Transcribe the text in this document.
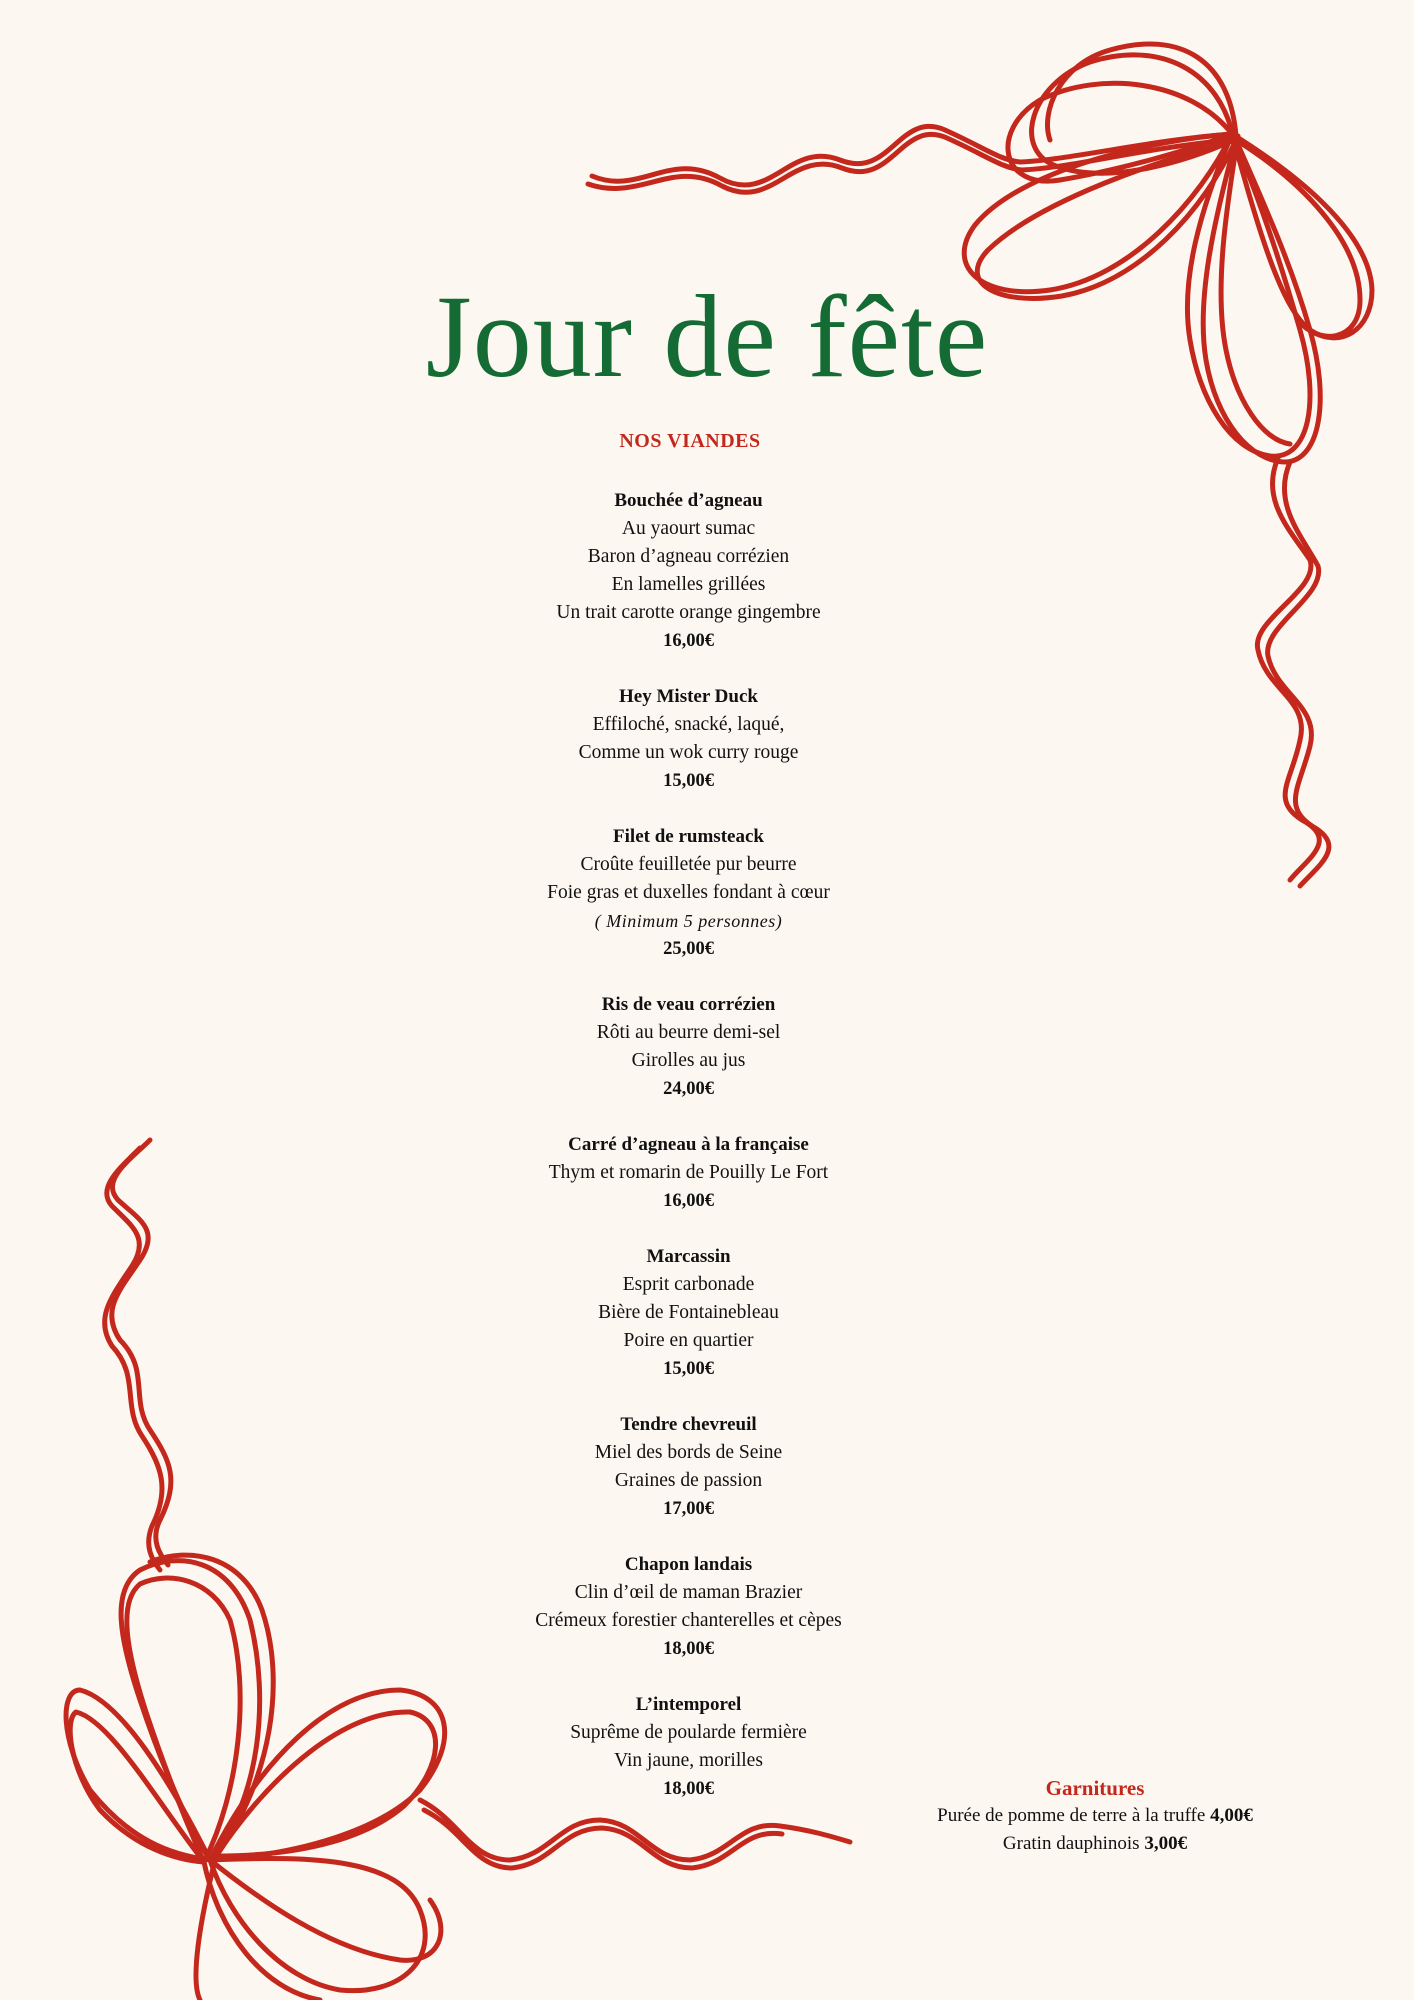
Jour de fête
NOS VIANDES
Bouchée d’agneau
Au yaourt sumac
Baron d’agneau corrézien
En lamelles grillées
Un trait carotte orange gingembre
16,00€
Hey Mister Duck
Effiloché, snacké, laqué,
Comme un wok curry rouge
15,00€
Filet de rumsteack
Croûte feuilletée pur beurre
Foie gras et duxelles fondant à cœur
( Minimum 5 personnes)
25,00€
Ris de veau corrézien
Rôti au beurre demi-sel
Girolles au jus
24,00€
Carré d’agneau à la française
Thym et romarin de Pouilly Le Fort
16,00€
Marcassin
Esprit carbonade
Bière de Fontainebleau
Poire en quartier
15,00€
Tendre chevreuil
Miel des bords de Seine
Graines de passion
17,00€
Chapon landais
Clin d’œil de maman Brazier
Crémeux forestier chanterelles et cèpes
18,00€
L’intemporel
Suprême de poularde fermière
Vin jaune, morilles
18,00€	Garnitures
Purée de pomme de terre à la truffe 4,00€
Gratin dauphinois 3,00€
